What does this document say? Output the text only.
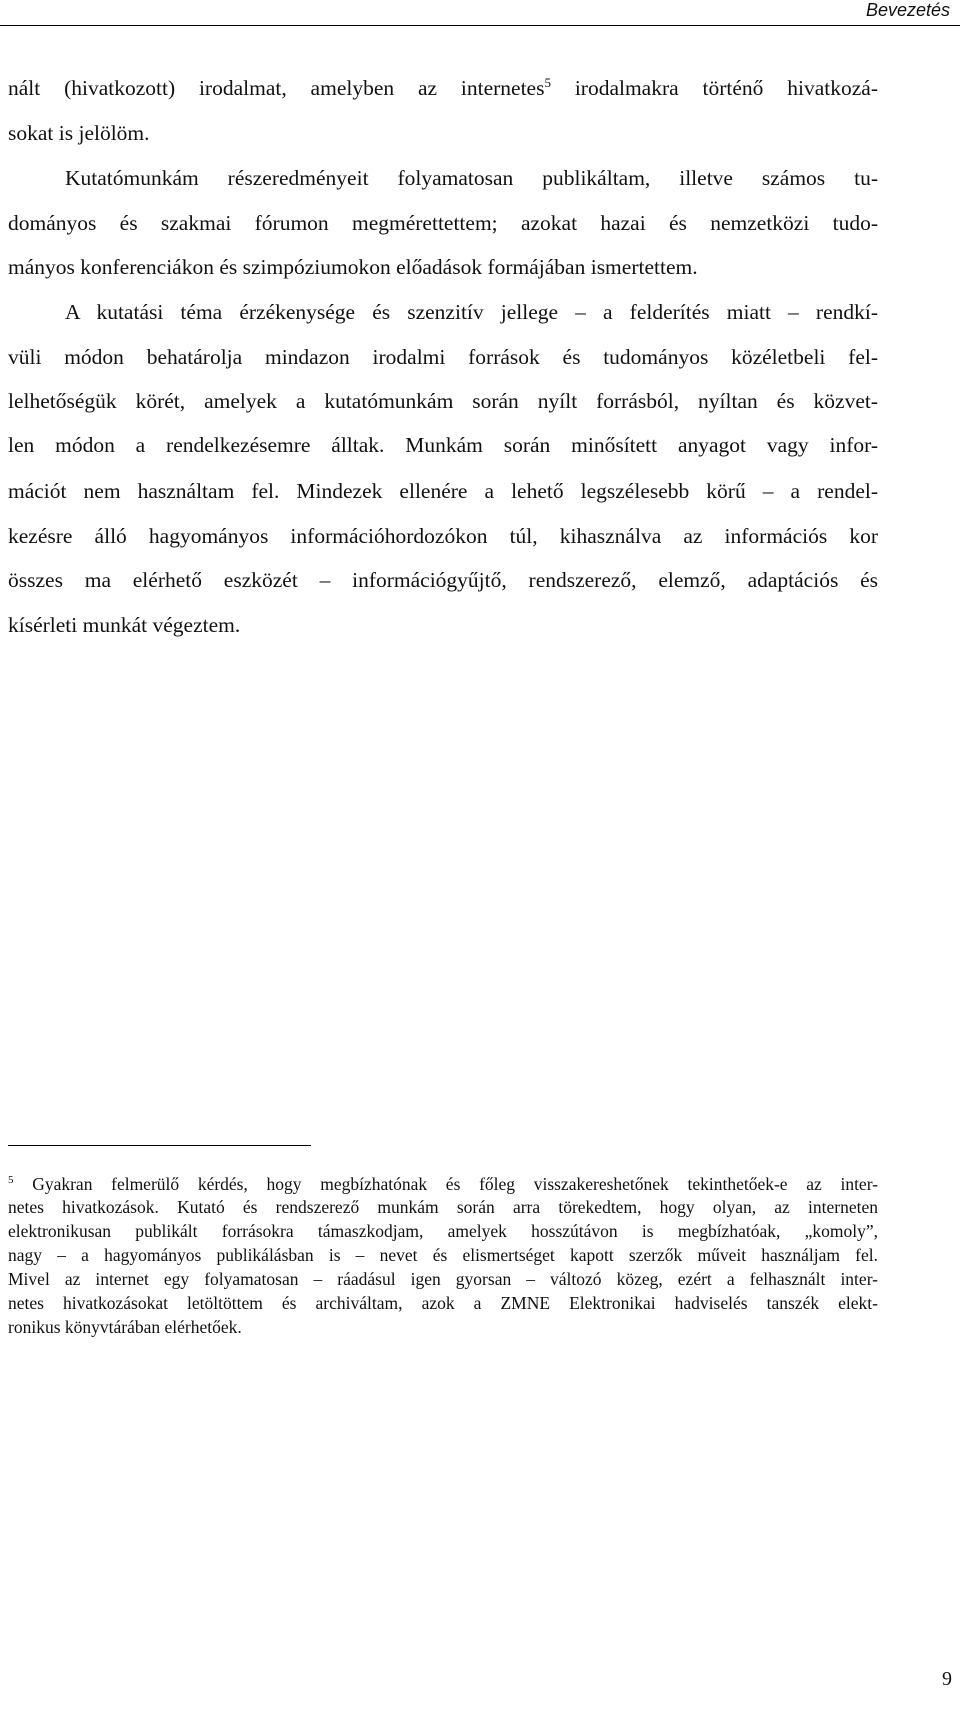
Bevezetés
nált (hivatkozott) irodalmat, amelyben az internetes$^5$ irodalmakra történő hivatkozá-
sokat is jelölöm.
Kutatómunkám részeredményeit folyamatosan publikáltam, illetve számos tu-
dományos és szakmai fórumon megmérettettem; azokat hazai és nemzetközi tudo-
mányos konferenciákon és szimpóziumokon előadások formájában ismertettem.
A kutatási téma érzékenysége és szenzitív jellege – a felderítés miatt – rendkí-
vüli módon behatárolja mindazon irodalmi források és tudományos közéletbeli fel-
lelhetőségük körét, amelyek a kutatómunkám során nyílt forrásból, nyíltan és közvet-
len módon a rendelkezésemre álltak. Munkám során minősített anyagot vagy infor-
mációt nem használtam fel. Mindezek ellenére a lehető legszélesebb körű – a rendel-
kezésre álló hagyományos információhordozókon túl, kihasználva az információs kor
összes ma elérhető eszközét – információgyűjtő, rendszerező, elemző, adaptációs és
kísérleti munkát végeztem.
$^5$ Gyakran felmerülő kérdés, hogy megbízhatónak és főleg visszakereshetőnek tekinthetőek-e az inter-
netes hivatkozások. Kutató és rendszerező munkám során arra törekedtem, hogy olyan, az interneten
elektronikusan publikált forrásokra támaszkodjam, amelyek hosszútávon is megbízhatóak, „komoly”,
nagy – a hagyományos publikálásban is – nevet és elismertséget kapott szerzők műveit használjam fel.
Mivel az internet egy folyamatosan – ráadásul igen gyorsan – változó közeg, ezért a felhasznált inter-
netes hivatkozásokat letöltöttem és archiváltam, azok a ZMNE Elektronikai hadviselés tanszék elekt-
ronikus könyvtárában elérhetőek.
9
